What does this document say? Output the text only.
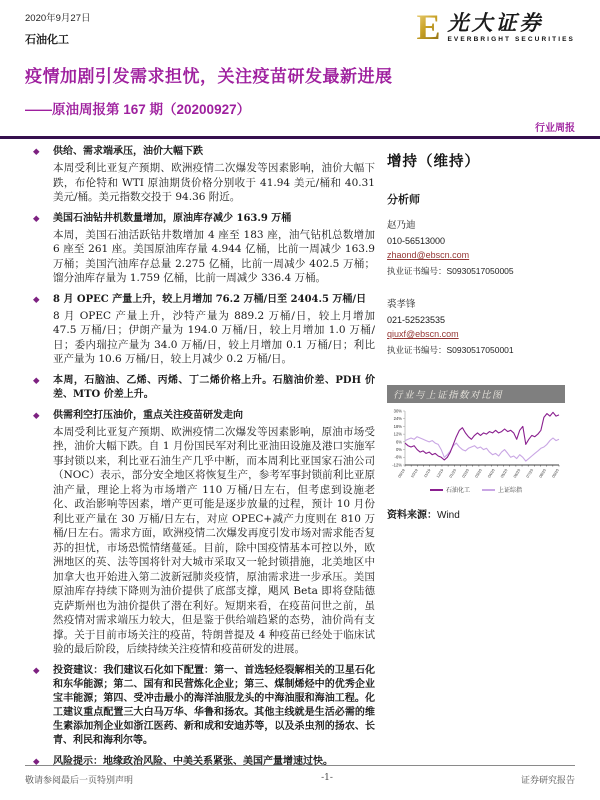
2020年9月27日
石油化工	E 光大证券
EVERBRIGHT SECURITIES
疫情加剧引发需求担忧，关注疫苗研发最新进展
——原油周报第 167 期（20200927）
行业周报
◆	供给、需求端承压，油价大幅下跌
本周受利比亚复产预期、欧洲疫情二次爆发等因素影响，油价大幅下跌，布伦特和 WTI 原油期货价格分别收于 41.94 美元/桶和 40.31 美元/桶。美元指数交投于 94.36 附近。
◆	美国石油钻井机数量增加，原油库存减少 163.9 万桶
本周，美国石油活跃钻井数增加 4 座至 183 座，油气钻机总数增加 6 座至 261 座。美国原油库存量 4.944 亿桶，比前一周减少 163.9 万桶；美国汽油库存总量 2.275 亿桶，比前一周减少 402.5 万桶；馏分油库存量为 1.759 亿桶，比前一周减少 336.4 万桶。
◆	8 月 OPEC 产量上升，较上月增加 76.2 万桶/日至 2404.5 万桶/日
8 月 OPEC 产量上升，沙特产量为 889.2 万桶/日，较上月增加 47.5 万桶/日；伊朗产量为 194.0 万桶/日，较上月增加 1.0 万桶/日；委内瑞拉产量为 34.0 万桶/日，较上月增加 0.1 万桶/日；利比亚产量为 10.6 万桶/日，较上月减少 0.2 万桶/日。
◆	本周，石脑油、乙烯、丙烯、丁二烯价格上升。石脑油价差、PDH 价差、MTO 价差上升。
◆	供需利空打压油价，重点关注疫苗研发走向
本周受利比亚复产预期、欧洲疫情二次爆发等因素影响，原油市场受挫，油价大幅下跌。自 1 月份国民军对利比亚油田设施及港口实施军事封锁以来，利比亚石油生产几乎中断，而本周利比亚国家石油公司（NOC）表示，部分安全地区将恢复生产，参考军事封锁前利比亚原油产量，理论上将为市场增产 110 万桶/日左右，但考虑到设施老化、政治影响等因素，增产更可能是逐步放量的过程，预计 10 月份利比亚产量在 30 万桶/日左右，对应 OPEC+减产力度则在 810 万桶/日左右。需求方面，欧洲疫情二次爆发再度引发市场对需求能否复苏的担忧，市场恐慌情绪蔓延。目前，除中国疫情基本可控以外，欧洲地区的英、法等国将针对大城市采取又一轮封锁措施，北美地区中加拿大也开始进入第二波新冠肺炎疫情，原油需求进一步承压。美国原油库存持续下降则为油价提供了底部支撑，飓风 Beta 即将登陆德克萨斯州也为油价提供了潜在利好。短期来看，在疫苗问世之前，虽然疫情对需求端压力较大，但是鉴于供给端趋紧的态势，油价尚有支撑。关于目前市场关注的疫苗，特朗普提及 4 种疫苗已经处于临床试验的最后阶段，后续持续关注疫情和疫苗研发的进展。
◆	投资建议：我们建议石化如下配置：第一、首选轻烃裂解相关的卫星石化和东华能源；第二、国有和民营炼化企业；第三、煤制烯烃中的优秀企业宝丰能源；第四、受冲击最小的海洋油服龙头的中海油服和海油工程。化工建议重点配置三大白马万华、华鲁和扬农。其他主线就是生活必需的维生素添加剂企业如浙江医药、新和成和安迪苏等，以及杀虫剂的扬农、长青、利民和海利尔等。
◆	风险提示：地缘政治风险、中美关系紧张、美国产量增速过快。
增持（维持）
分析师
赵乃迪
010-56513000
zhaond@ebscn.com
执业证书编号：S0930517050005
裘孝锋
021-52523535
qiuxf@ebscn.com
执业证书编号：S0930517050001
行业与上证指数对比图
30%
24%
18%
12%
6%
0%
-6%
-12%
09/19 10/19 11/19 12/19 01/20 02/20 03/20 04/20 05/20 06/20 07/20 08/20 09/20
石油化工	上证综指
资料来源：Wind
敬请参阅最后一页特别声明	-1-	证券研究报告
